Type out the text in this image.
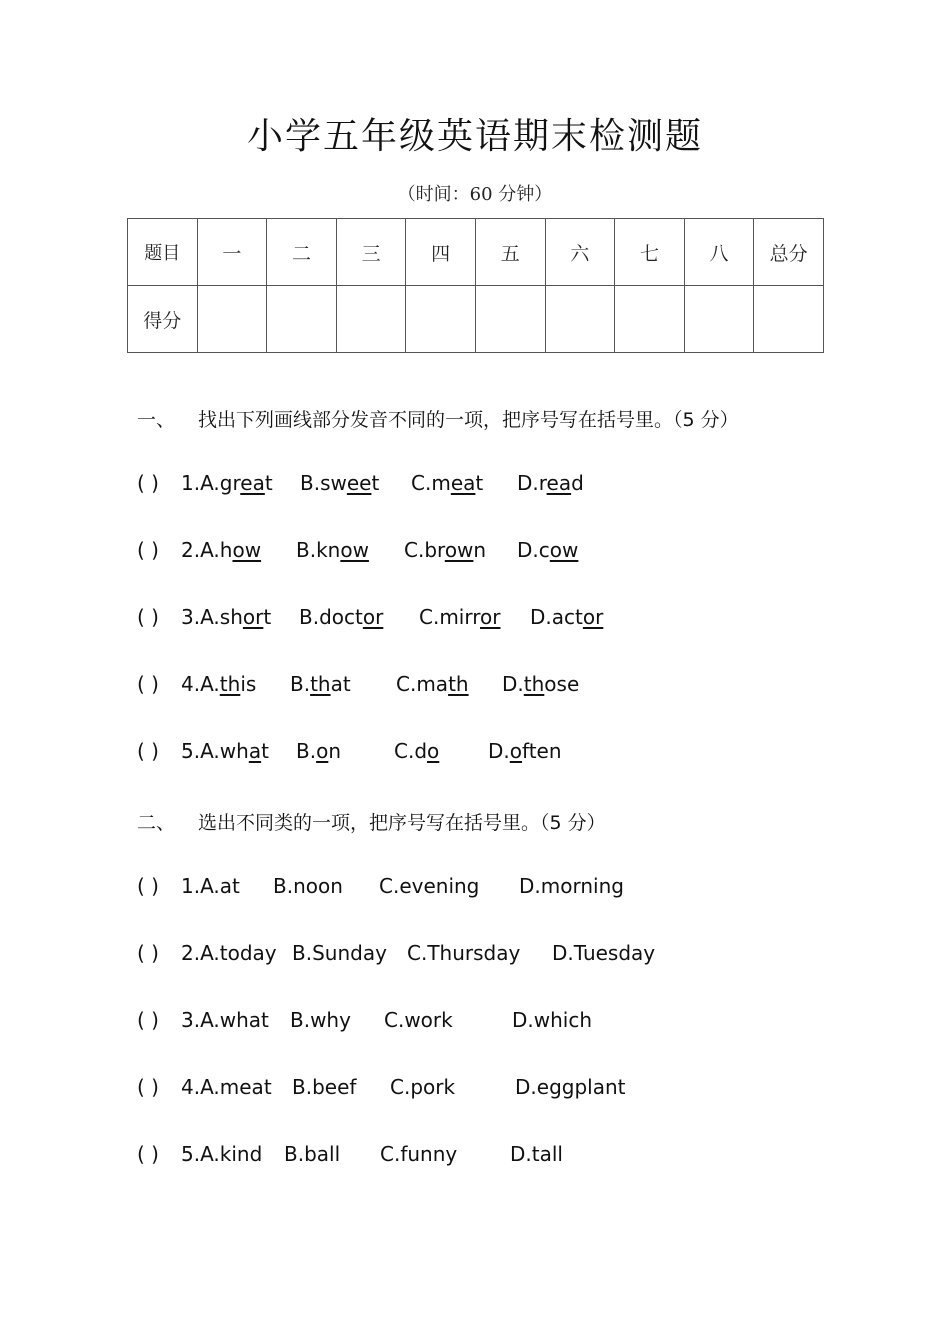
小学五年级英语期末检测题
（时间：60 分钟）
题目	一	二	三	四	五	六	七	八	总分
得分									
一、 找出下列画线部分发音不同的一项，把序号写在括号里。（5 分）
( ) 1.A.great B.sweet C.meat D.read
( ) 2.A.how B.know C.brown D.cow
( ) 3.A.short B.doctor C.mirror D.actor
( ) 4.A.this B.that C.math D.those
( ) 5.A.what B.on	C.do D.often
二、 选出不同类的一项，把序号写在括号里。（5 分）
( ) 1.A.at B.noon C.evening D.morning
( ) 2.A.today B.Sunday C.Thursday D.Tuesday
( ) 3.A.what B.why C.work	D.which
( ) 4.A.meat B.beef C.pork	D.eggplant
( ) 5.A.kind B.ball C.funny	D.tall
